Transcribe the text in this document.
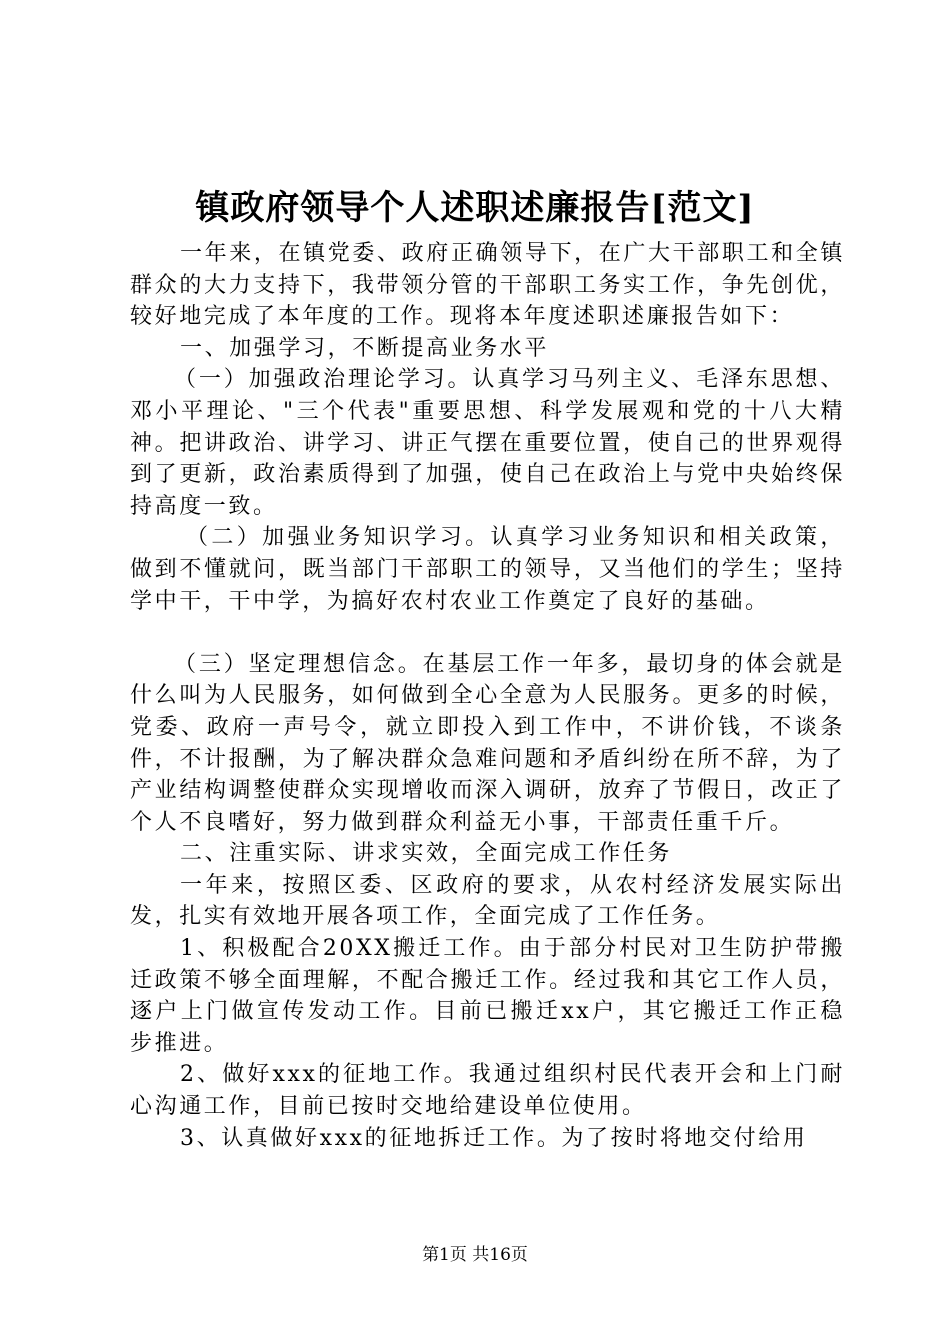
镇政府领导个人述职述廉报告[范文]

一年来，在镇党委、政府正确领导下，在广大干部职工和全镇群众的大力支持下，我带领分管的干部职工务实工作，争先创优，较好地完成了本年度的工作。现将本年度述职述廉报告如下：

一、加强学习，不断提高业务水平

（一）加强政治理论学习。认真学习马列主义、毛泽东思想、邓小平理论、"三个代表"重要思想、科学发展观和党的十八大精神。把讲政治、讲学习、讲正气摆在重要位置，使自己的世界观得到了更新，政治素质得到了加强，使自己在政治上与党中央始终保持高度一致。

（二）加强业务知识学习。认真学习业务知识和相关政策，做到不懂就问，既当部门干部职工的领导，又当他们的学生；坚持学中干，干中学，为搞好农村农业工作奠定了良好的基础。

（三）坚定理想信念。在基层工作一年多，最切身的体会就是什么叫为人民服务，如何做到全心全意为人民服务。更多的时候，党委、政府一声号令，就立即投入到工作中，不讲价钱，不谈条件，不计报酬，为了解决群众急难问题和矛盾纠纷在所不辞，为了产业结构调整使群众实现增收而深入调研，放弃了节假日，改正了个人不良嗜好，努力做到群众利益无小事，干部责任重千斤。

二、注重实际、讲求实效，全面完成工作任务

一年来，按照区委、区政府的要求，从农村经济发展实际出发，扎实有效地开展各项工作，全面完成了工作任务。

1、积极配合20XX搬迁工作。由于部分村民对卫生防护带搬迁政策不够全面理解，不配合搬迁工作。经过我和其它工作人员，逐户上门做宣传发动工作。目前已搬迁xx户，其它搬迁工作正稳步推进。

2、做好xxx的征地工作。我通过组织村民代表开会和上门耐心沟通工作，目前已按时交地给建设单位使用。

3、认真做好xxx的征地拆迁工作。为了按时将地交付给用

第1页 共16页
